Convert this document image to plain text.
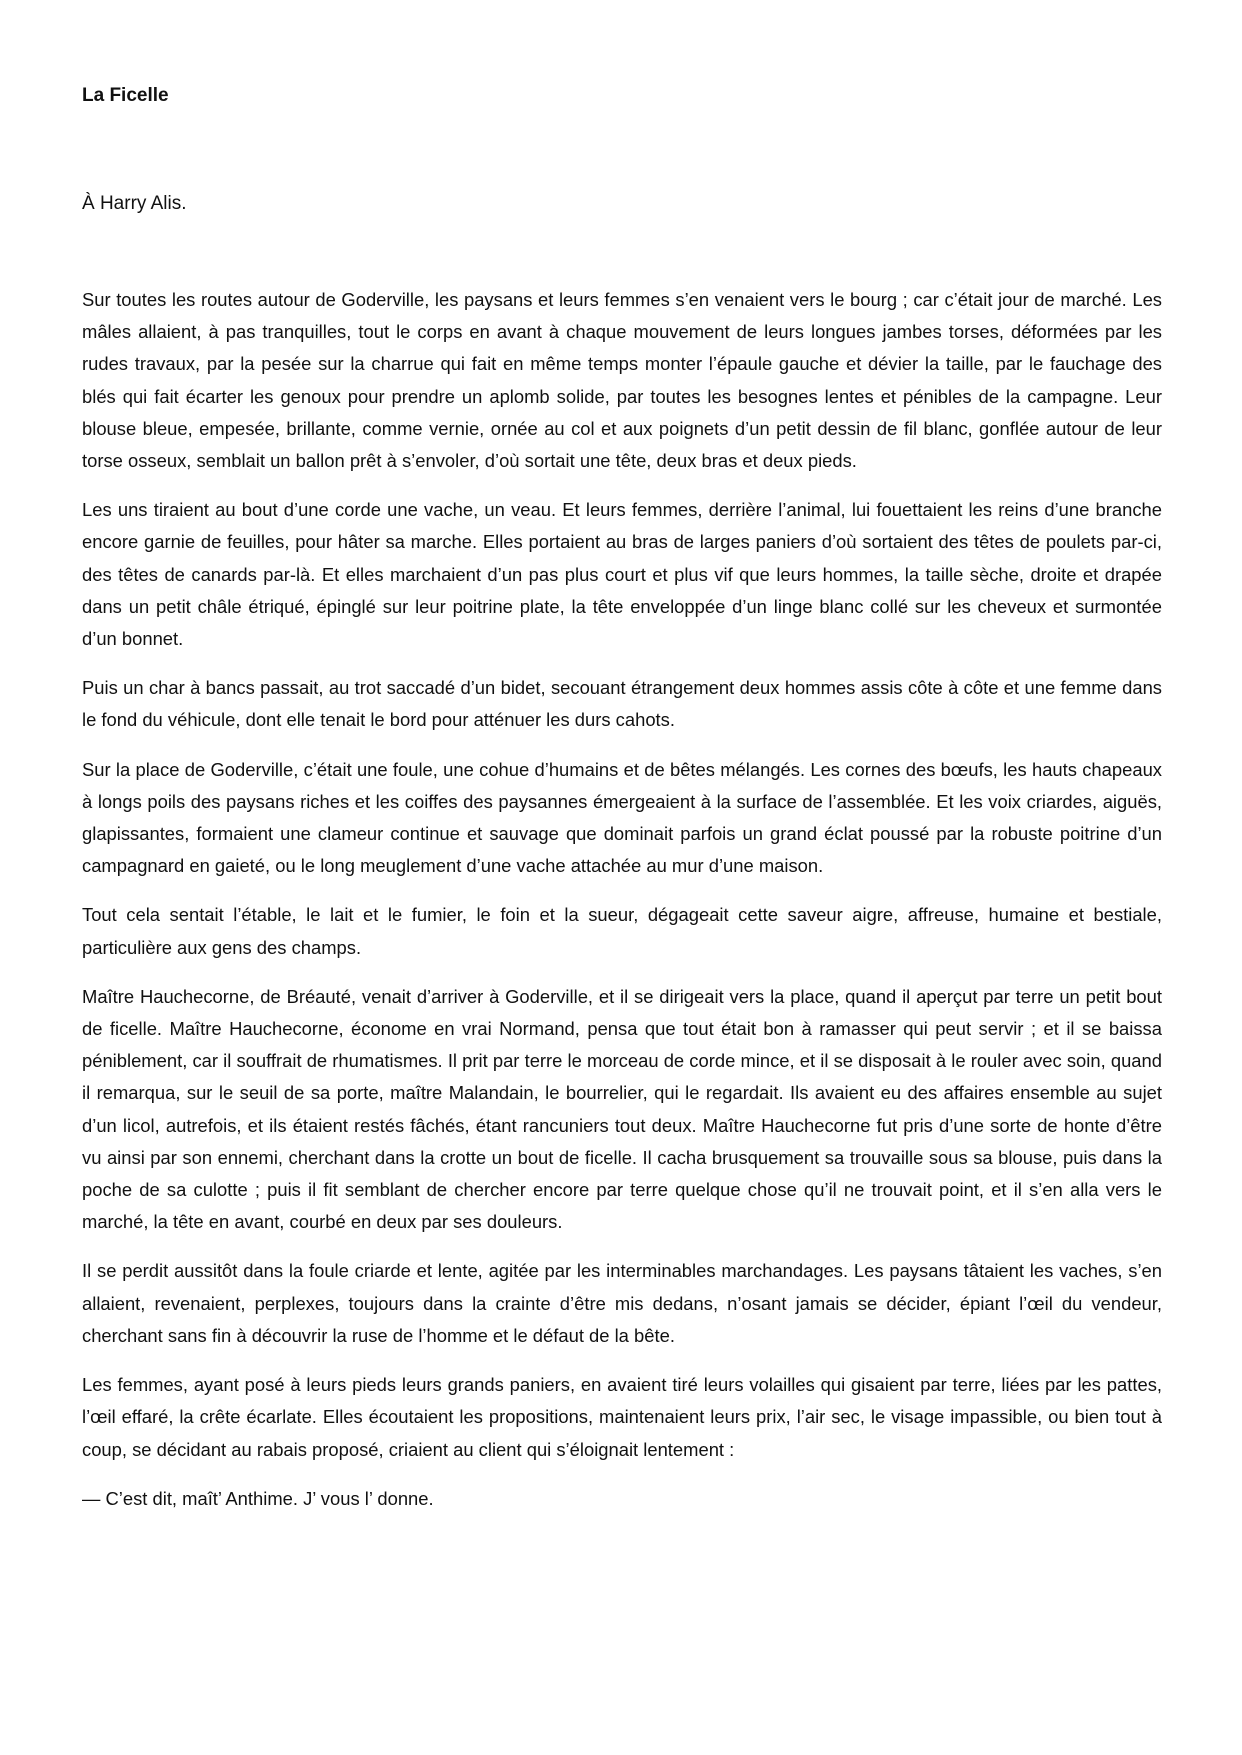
La Ficelle

À Harry Alis.

Sur toutes les routes autour de Goderville, les paysans et leurs femmes s’en venaient vers le bourg ; car c’était jour de marché. Les mâles allaient, à pas tranquilles, tout le corps en avant à chaque mouvement de leurs longues jambes torses, déformées par les rudes travaux, par la pesée sur la charrue qui fait en même temps monter l’épaule gauche et dévier la taille, par le fauchage des blés qui fait écarter les genoux pour prendre un aplomb solide, par toutes les besognes lentes et pénibles de la campagne. Leur blouse bleue, empesée, brillante, comme vernie, ornée au col et aux poignets d’un petit dessin de fil blanc, gonflée autour de leur torse osseux, semblait un ballon prêt à s’envoler, d’où sortait une tête, deux bras et deux pieds.

Les uns tiraient au bout d’une corde une vache, un veau. Et leurs femmes, derrière l’animal, lui fouettaient les reins d’une branche encore garnie de feuilles, pour hâter sa marche. Elles portaient au bras de larges paniers d’où sortaient des têtes de poulets par-ci, des têtes de canards par-là. Et elles marchaient d’un pas plus court et plus vif que leurs hommes, la taille sèche, droite et drapée dans un petit châle étriqué, épinglé sur leur poitrine plate, la tête enveloppée d’un linge blanc collé sur les cheveux et surmontée d’un bonnet.

Puis un char à bancs passait, au trot saccadé d’un bidet, secouant étrangement deux hommes assis côte à côte et une femme dans le fond du véhicule, dont elle tenait le bord pour atténuer les durs cahots.

Sur la place de Goderville, c’était une foule, une cohue d’humains et de bêtes mélangés. Les cornes des bœufs, les hauts chapeaux à longs poils des paysans riches et les coiffes des paysannes émergeaient à la surface de l’assemblée. Et les voix criardes, aiguës, glapissantes, formaient une clameur continue et sauvage que dominait parfois un grand éclat poussé par la robuste poitrine d’un campagnard en gaieté, ou le long meuglement d’une vache attachée au mur d’une maison.

Tout cela sentait l’étable, le lait et le fumier, le foin et la sueur, dégageait cette saveur aigre, affreuse, humaine et bestiale, particulière aux gens des champs.

Maître Hauchecorne, de Bréauté, venait d’arriver à Goderville, et il se dirigeait vers la place, quand il aperçut par terre un petit bout de ficelle. Maître Hauchecorne, économe en vrai Normand, pensa que tout était bon à ramasser qui peut servir ; et il se baissa péniblement, car il souffrait de rhumatismes. Il prit par terre le morceau de corde mince, et il se disposait à le rouler avec soin, quand il remarqua, sur le seuil de sa porte, maître Malandain, le bourrelier, qui le regardait. Ils avaient eu des affaires ensemble au sujet d’un licol, autrefois, et ils étaient restés fâchés, étant rancuniers tout deux. Maître Hauchecorne fut pris d’une sorte de honte d’être vu ainsi par son ennemi, cherchant dans la crotte un bout de ficelle. Il cacha brusquement sa trouvaille sous sa blouse, puis dans la poche de sa culotte ; puis il fit semblant de chercher encore par terre quelque chose qu’il ne trouvait point, et il s’en alla vers le marché, la tête en avant, courbé en deux par ses douleurs.

Il se perdit aussitôt dans la foule criarde et lente, agitée par les interminables marchandages. Les paysans tâtaient les vaches, s’en allaient, revenaient, perplexes, toujours dans la crainte d’être mis dedans, n’osant jamais se décider, épiant l’œil du vendeur, cherchant sans fin à découvrir la ruse de l’homme et le défaut de la bête.

Les femmes, ayant posé à leurs pieds leurs grands paniers, en avaient tiré leurs volailles qui gisaient par terre, liées par les pattes, l’œil effaré, la crête écarlate. Elles écoutaient les propositions, maintenaient leurs prix, l’air sec, le visage impassible, ou bien tout à coup, se décidant au rabais proposé, criaient au client qui s’éloignait lentement :

— C’est dit, maît’ Anthime. J’ vous l’ donne.
